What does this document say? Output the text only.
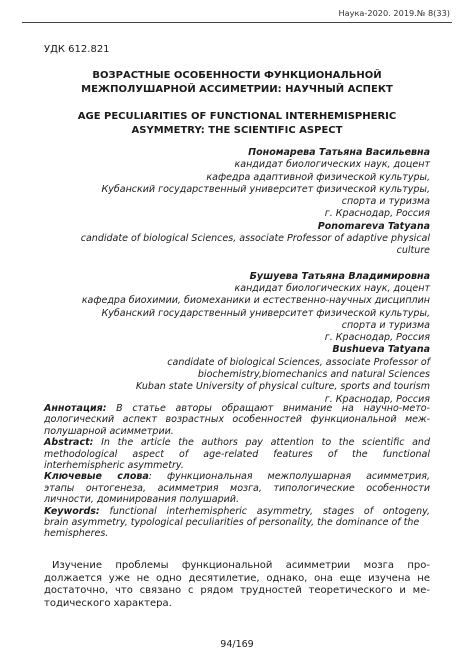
Наука-2020. 2019.№ 8(33)
УДК 612.821
ВОЗРАСТНЫЕ ОСОБЕННОСТИ ФУНКЦИОНАЛЬНОЙ
МЕЖПОЛУШАРНОЙ АССИМЕТРИИ: НАУЧНЫЙ АСПЕКТ
AGE PECULIARITIES OF FUNCTIONAL INTERHEMISPHERIC
ASYMMETRY: THE SCIENTIFIC ASPECT
Пономарева Татьяна Васильевна
кандидат биологических наук, доцент
кафедра адаптивной физической культуры,
Кубанский государственный университет физической культуры,
спорта и туризма
г. Краснодар, Россия
Ponomareva Tatyana
candidate of biological Sciences, associate Professor of adaptive physical
culture
Бушуева Татьяна Владимировна
кандидат биологических наук, доцент
кафедра биохимии, биомеханики и естественно-научных дисциплин
Кубанский государственный университет физической культуры,
спорта и туризма
г. Краснодар, Россия
Bushueva Tatyana
candidate of biological Sciences, associate Professor of
biochemistry,biomechanics and natural Sciences
Kuban state University of physical culture, sports and tourism
г. Краснодар, Россия
Аннотация: В статье авторы обращают внимание на научно-мето-
дологический аспект возрастных особенностей функциональной меж-
полушарной асимметрии.
Abstract: In the article the authors pay attention to the scientific and
methodological aspect of age-related features of the functional
interhemispheric asymmetry.
Ключевые слова: функциональная межполушарная асимметрия,
этапы онтогенеза, асимметрия мозга, типологические особенности
личности, доминирования полушарий.
Keywords: functional interhemispheric asymmetry, stages of ontogeny,
brain asymmetry, typological peculiarities of personality, the dominance of the
hemispheres.
Изучение проблемы функциональной асимметрии мозга про-
должается уже не одно десятилетие, однако, она еще изучена не
достаточно, что связано с рядом трудностей теоретического и ме-
тодического характера.
94/169
